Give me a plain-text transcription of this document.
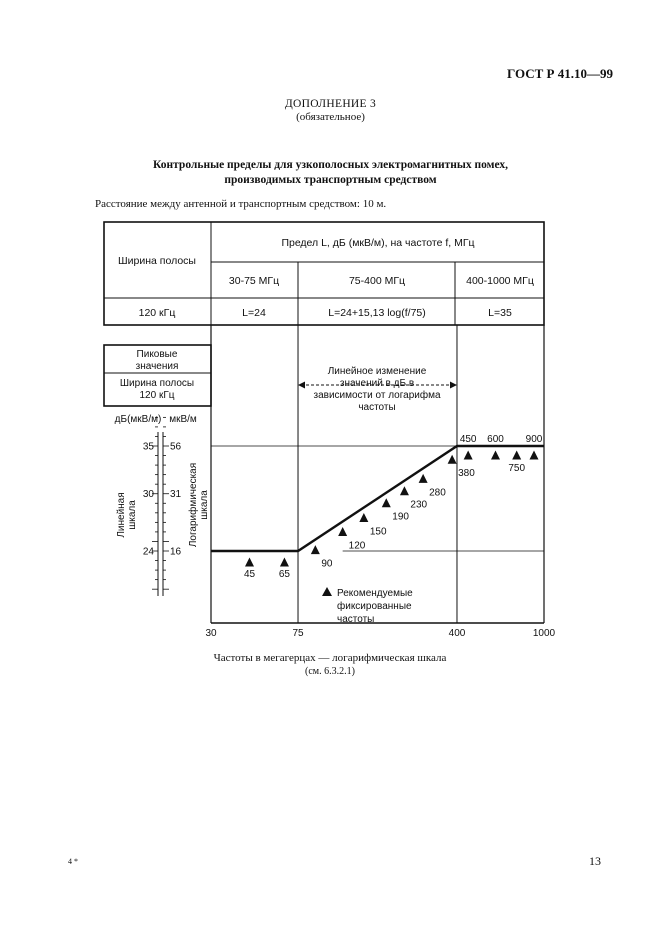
ГОСТ Р 41.10—99
ДОПОЛНЕНИЕ 3
(обязательное)
Контрольные пределы для узкополосных электромагнитных помех,
производимых транспортным средством
Расстояние между антенной и транспортным средством: 10 м.
Ширина полосы
Предел L, дБ (мкВ/м), на частоте f, МГц
30-75 МГц	75-400 МГц	400-1000 МГц
120 кГц	L=24	L=24+15,13 log(f/75)	L=35
Пиковые
значения
Ширина полосы
120 кГц
дБ(мкВ/м) мкВ/м
Линейная шкала	Логарифмическая шкала
35 56
30 31
24 16
45 65
90
120
150
190
230
280
380
450 600
750
900
30	75	400	1000
Линейное изменение
значений в дБ в
зависимости от логарифма
частоты
Рекомендуемые
фиксированные
частоты
Частоты в мегагерцах — логарифмическая шкала
(см. 6.3.2.1)
4 *	13
